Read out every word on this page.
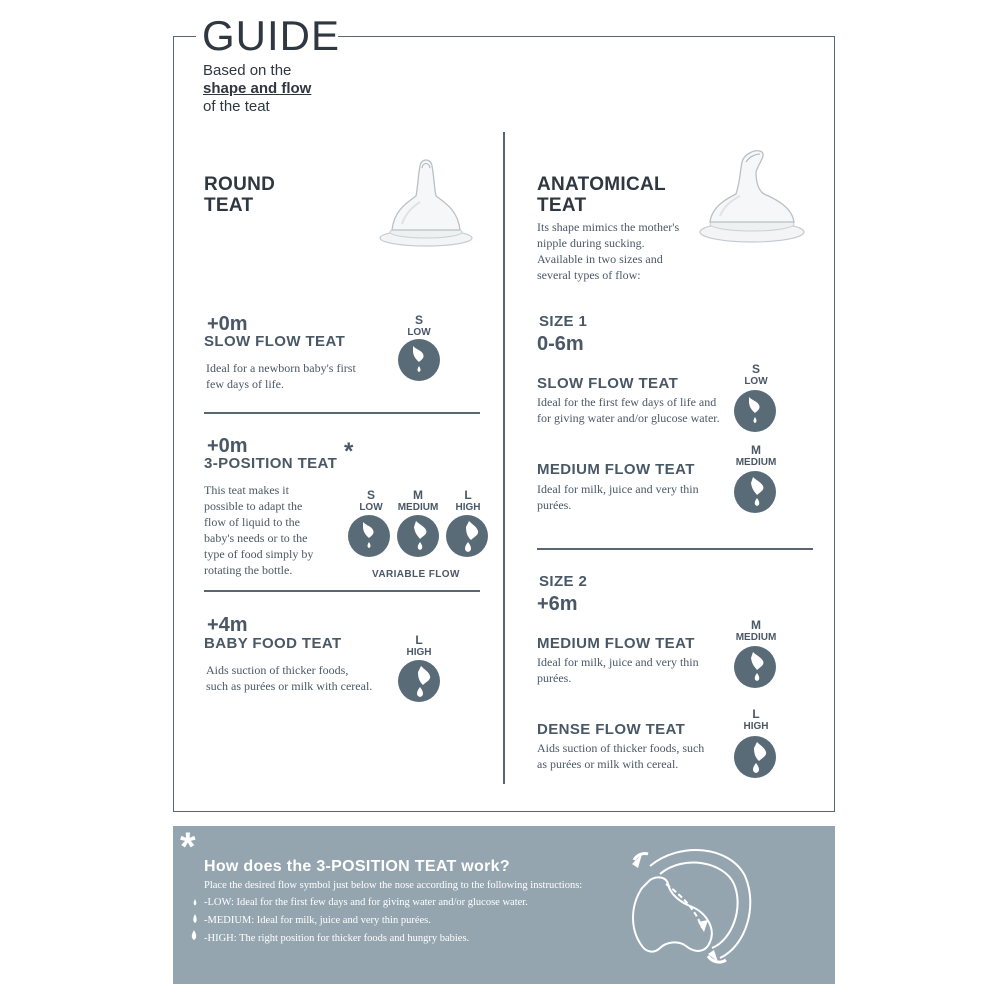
GUIDE
Based on the
shape and flow
of the teat
ROUND
TEAT
+0m
SLOW FLOW TEAT
Ideal for a newborn baby's first
few days of life.
S
LOW
+0m
3-POSITION TEAT *
This teat makes it
possible to adapt the
flow of liquid to the
baby's needs or to the
type of food simply by
rotating the bottle.
S
LOW
M
MEDIUM
L
HIGH
VARIABLE FLOW
+4m
BABY FOOD TEAT
Aids suction of thicker foods,
such as purées or milk with cereal.
L
HIGH
ANATOMICAL
TEAT
Its shape mimics the mother's
nipple during sucking.
Available in two sizes and
several types of flow:
SIZE 1
0-6m
SLOW FLOW TEAT
Ideal for the first few days of life and
for giving water and/or glucose water.
S
LOW
MEDIUM FLOW TEAT
Ideal for milk, juice and very thin
purées.
M
MEDIUM
SIZE 2
+6m
MEDIUM FLOW TEAT
Ideal for milk, juice and very thin
purées.
M
MEDIUM
DENSE FLOW TEAT
Aids suction of thicker foods, such
as purées or milk with cereal.
L
HIGH
* How does the 3-POSITION TEAT work?
Place the desired flow symbol just below the nose according to the following instructions:
-LOW: Ideal for the first few days and for giving water and/or glucose water.
-MEDIUM: Ideal for milk, juice and very thin purées.
-HIGH: The right position for thicker foods and hungry babies.
